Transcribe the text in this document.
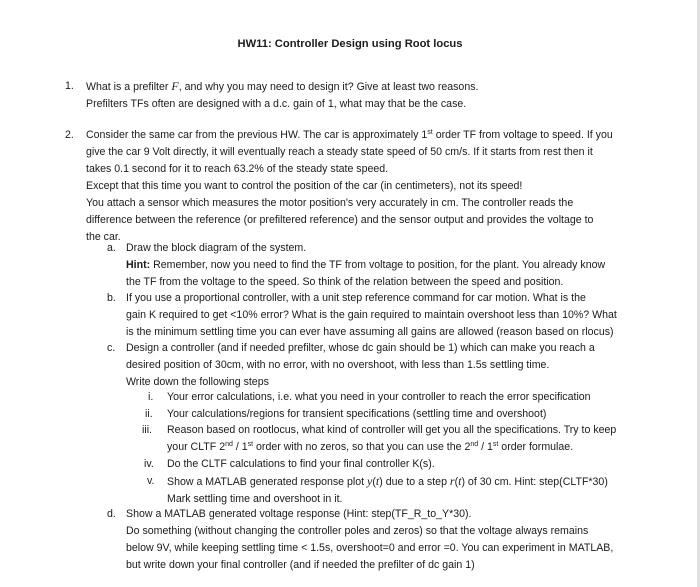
HW11: Controller Design using Root locus
1. What is a prefilter F, and why you may need to design it? Give at least two reasons.
Prefilters TFs often are designed with a d.c. gain of 1, what may that be the case.
2. Consider the same car from the previous HW. The car is approximately 1st order TF from voltage to speed. If you
give the car 9 Volt directly, it will eventually reach a steady state speed of 50 cm/s. If it starts from rest then it
takes 0.1 second for it to reach 63.2% of the steady state speed.
Except that this time you want to control the position of the car (in centimeters), not its speed!
You attach a sensor which measures the motor position's very accurately in cm. The controller reads the
difference between the reference (or prefiltered reference) and the sensor output and provides the voltage to
the car.
a. Draw the block diagram of the system.
Hint: Remember, now you need to find the TF from voltage to position, for the plant. You already know
the TF from the voltage to the speed. So think of the relation between the speed and position.
b. If you use a proportional controller, with a unit step reference command for car motion. What is the
gain K required to get <10% error? What is the gain required to maintain overshoot less than 10%? What
is the minimum settling time you can ever have assuming all gains are allowed (reason based on rlocus)
c. Design a controller (and if needed prefilter, whose dc gain should be 1) which can make you reach a
desired position of 30cm, with no error, with no overshoot, with less than 1.5s settling time.
Write down the following steps
i. Your error calculations, i.e. what you need in your controller to reach the error specification
ii. Your calculations/regions for transient specifications (settling time and overshoot)
iii. Reason based on rootlocus, what kind of controller will get you all the specifications. Try to keep
your CLTF 2nd / 1st order with no zeros, so that you can use the 2nd / 1st order formulae.
iv. Do the CLTF calculations to find your final controller K(s).
v. Show a MATLAB generated response plot y(t) due to a step r(t) of 30 cm. Hint: step(CLTF*30)
Mark settling time and overshoot in it.
d. Show a MATLAB generated voltage response (Hint: step(TF_R_to_Y*30).
Do something (without changing the controller poles and zeros) so that the voltage always remains
below 9V, while keeping settling time < 1.5s, overshoot=0 and error =0. You can experiment in MATLAB,
but write down your final controller (and if needed the prefilter of dc gain 1)
